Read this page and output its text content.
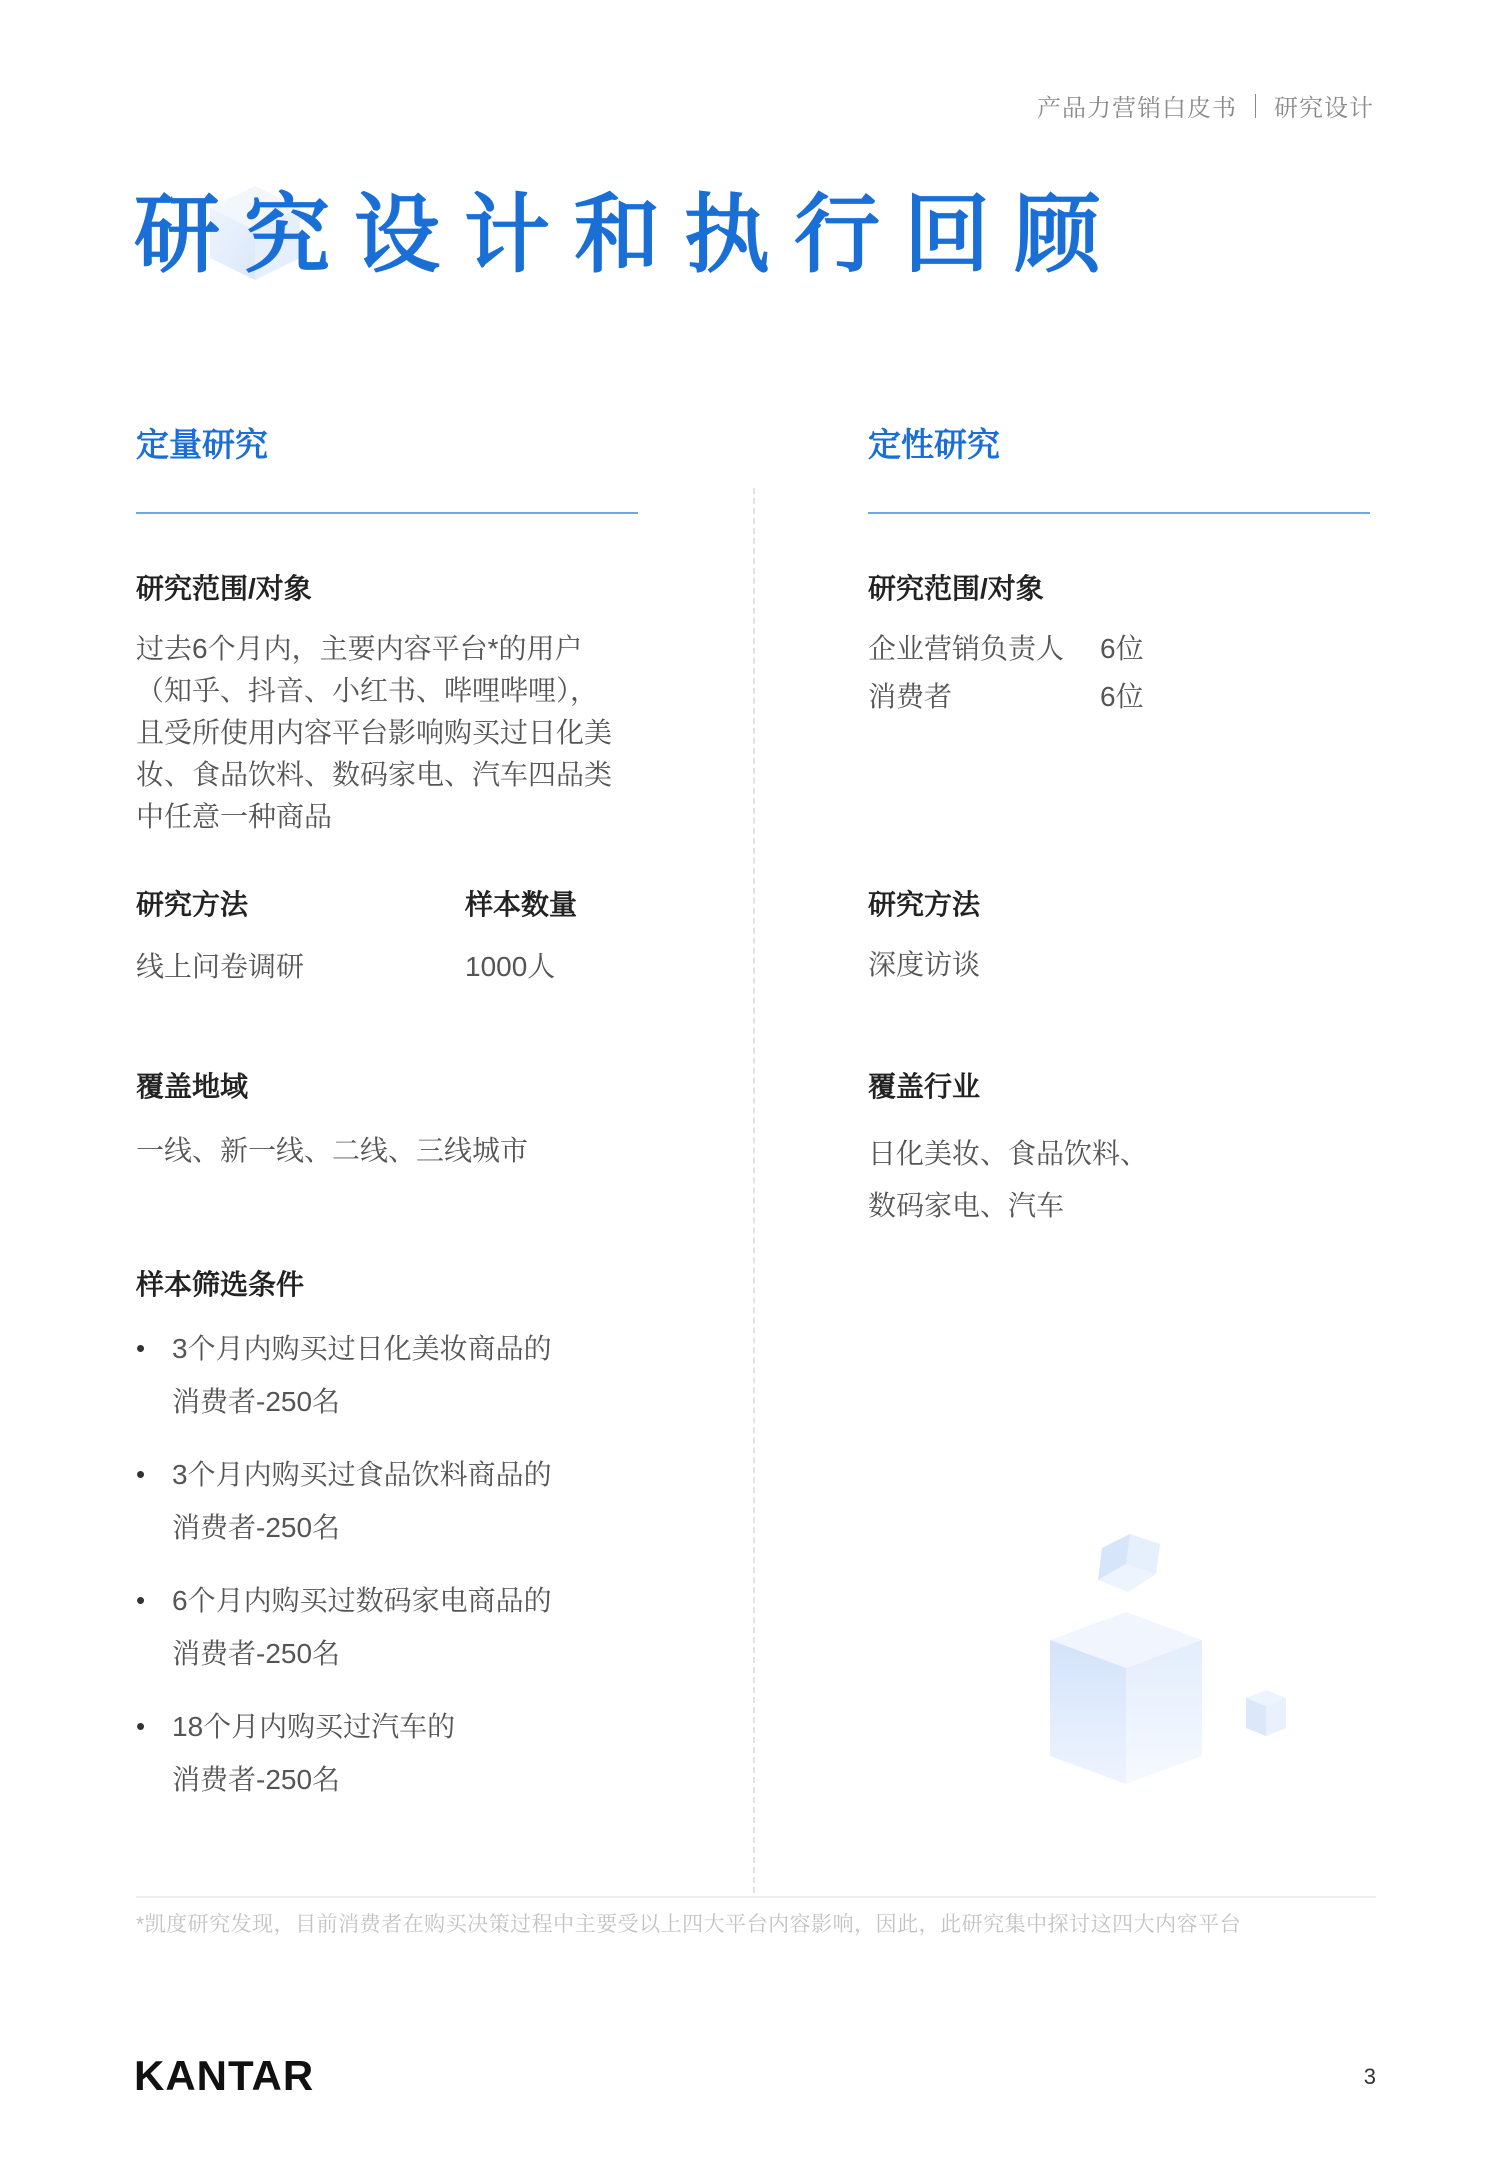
产品力营销白皮书 研究设计
研究设计和执行回顾
定量研究

研究范围/对象

过去6个月内，主要内容平台*的用户

（知乎、抖音、小红书、哔哩哔哩），

且受所使用内容平台影响购买过日化美

妆、食品饮料、数码家电、汽车四品类

中任意一种商品

研究方法

线上问卷调研

样本数量

1000人

覆盖地域

一线、新一线、二线、三线城市

样本筛选条件

• 3个月内购买过日化美妆商品的
消费者-250名
• 3个月内购买过食品饮料商品的
消费者-250名
• 6个月内购买过数码家电商品的
消费者-250名
• 18个月内购买过汽车的
消费者-250名
定性研究

研究范围/对象

企业营销负责人	6位
消费者	6位

研究方法

深度访谈

覆盖行业

日化美妆、食品饮料、

数码家电、汽车

*凯度研究发现，目前消费者在购买决策过程中主要受以上四大平台内容影响，因此，此研究集中探讨这四大内容平台
KANTAR	3
